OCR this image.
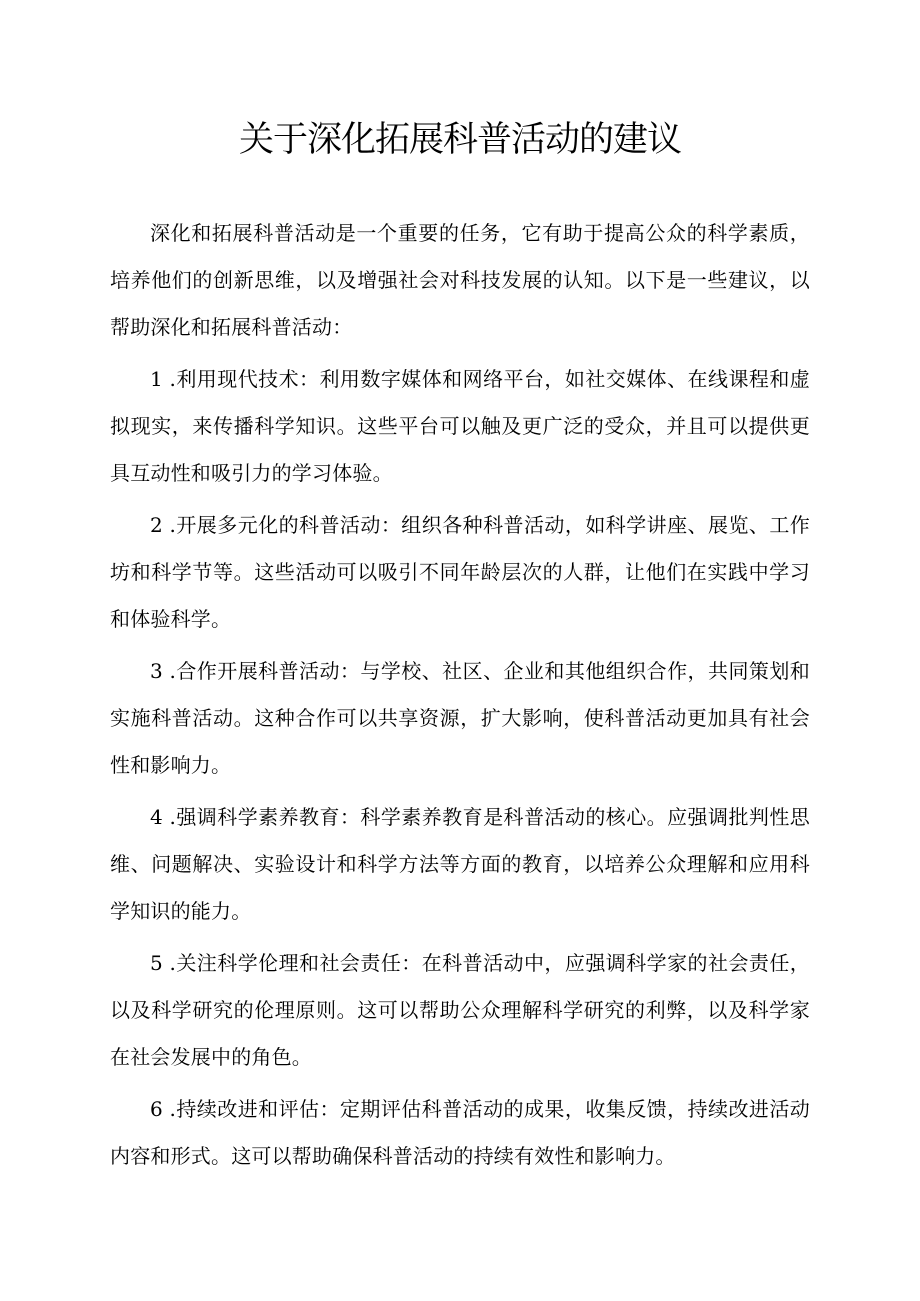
关于深化拓展科普活动的建议

深化和拓展科普活动是一个重要的任务，它有助于提高公众的科学素质，培养他们的创新思维，以及增强社会对科技发展的认知。以下是一些建议，以帮助深化和拓展科普活动：

1 .利用现代技术：利用数字媒体和网络平台，如社交媒体、在线课程和虚拟现实，来传播科学知识。这些平台可以触及更广泛的受众，并且可以提供更具互动性和吸引力的学习体验。

2 .开展多元化的科普活动：组织各种科普活动，如科学讲座、展览、工作坊和科学节等。这些活动可以吸引不同年龄层次的人群，让他们在实践中学习和体验科学。

3 .合作开展科普活动：与学校、社区、企业和其他组织合作，共同策划和实施科普活动。这种合作可以共享资源，扩大影响，使科普活动更加具有社会性和影响力。

4 .强调科学素养教育：科学素养教育是科普活动的核心。应强调批判性思维、问题解决、实验设计和科学方法等方面的教育，以培养公众理解和应用科学知识的能力。

5 .关注科学伦理和社会责任：在科普活动中，应强调科学家的社会责任，以及科学研究的伦理原则。这可以帮助公众理解科学研究的利弊，以及科学家在社会发展中的角色。

6 .持续改进和评估：定期评估科普活动的成果，收集反馈，持续改进活动内容和形式。这可以帮助确保科普活动的持续有效性和影响力。
